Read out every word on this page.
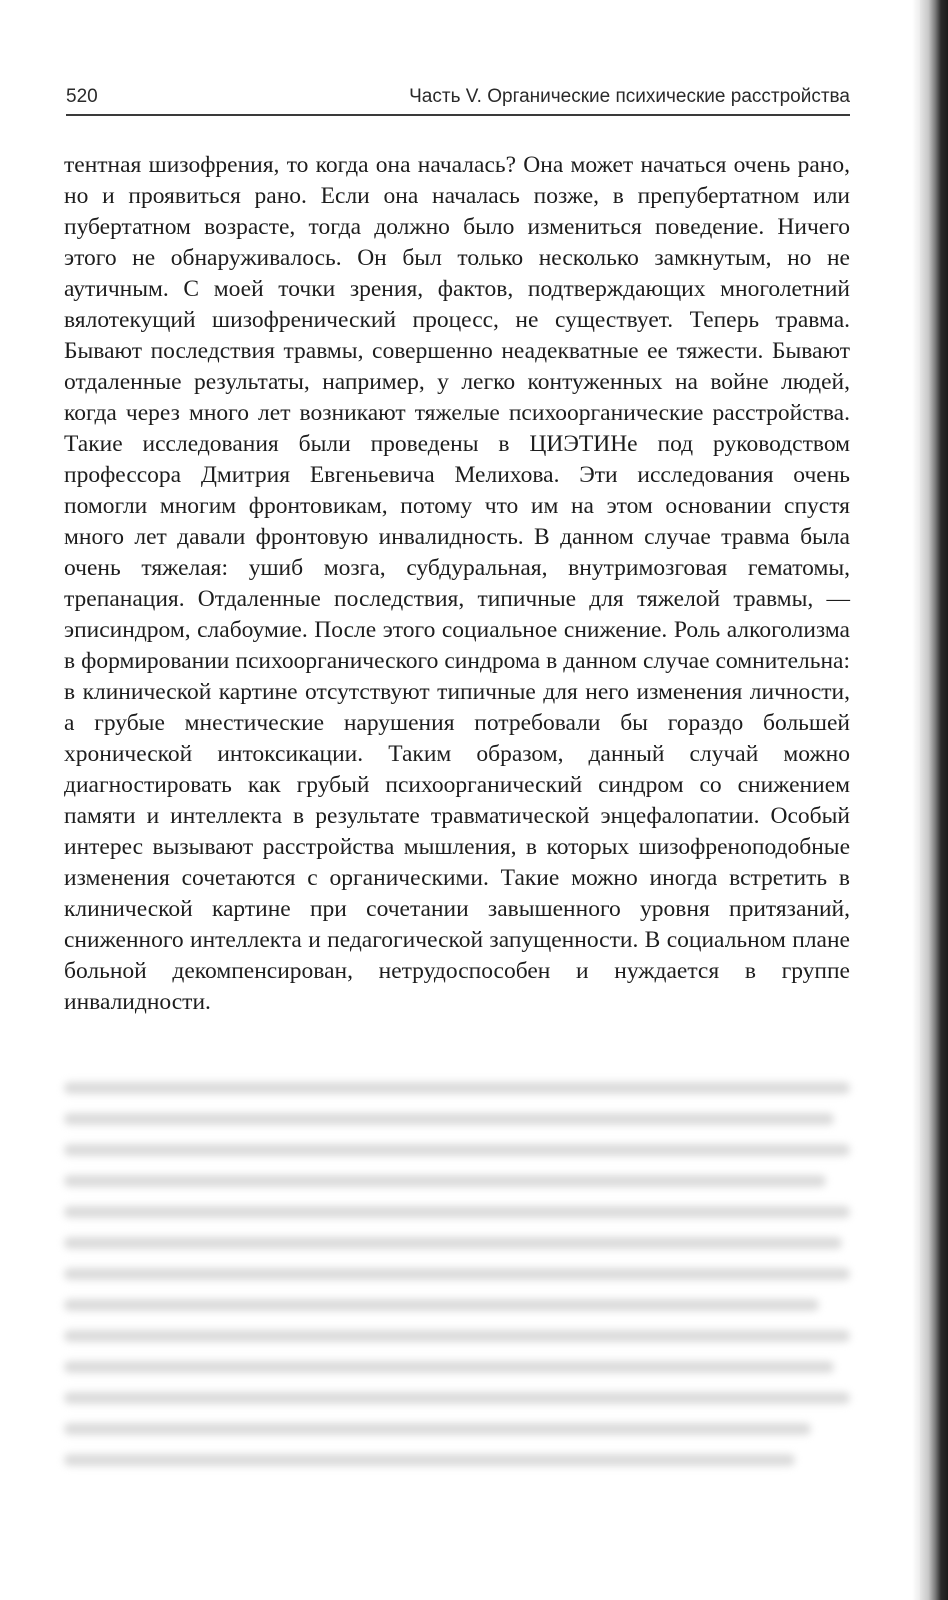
520	Часть V. Органические психические расстройства

тентная шизофрения, то когда она началась? Она может начаться очень рано, но и проявиться рано. Если она началась позже, в препубертатном или пубертатном возрасте, тогда должно было измениться поведение. Ничего этого не обнаруживалось. Он был только несколько замкнутым, но не аутичным. С моей точки зрения, фактов, подтверждающих многолетний вялотекущий шизофренический процесс, не существует. Теперь травма. Бывают последствия травмы, совершенно неадекватные ее тяжести. Бывают отдаленные результаты, например, у легко контуженных на войне людей, когда через много лет возникают тяжелые психоорганические расстройства. Такие исследования были проведены в ЦИЭТИНе под руководством профессора Дмитрия Евгеньевича Мелихова. Эти исследования очень помогли многим фронтовикам, потому что им на этом основании спустя много лет давали фронтовую инвалидность. В данном случае травма была очень тяжелая: ушиб мозга, субдуральная, внутримозговая гематомы, трепанация. Отдаленные последствия, типичные для тяжелой травмы, — эписиндром, слабоумие. После этого социальное снижение. Роль алкоголизма в формировании психоорганического синдрома в данном случае сомнительна: в клинической картине отсутствуют типичные для него изменения личности, а грубые мнестические нарушения потребовали бы гораздо большей хронической интоксикации. Таким образом, данный случай можно диагностировать как грубый психоорганический синдром со снижением памяти и интеллекта в результате травматической энцефалопатии. Особый интерес вызывают расстройства мышления, в которых шизофреноподобные изменения сочетаются с органическими. Такие можно иногда встретить в клинической картине при сочетании завышенного уровня притязаний, сниженного интеллекта и педагогической запущенности. В социальном плане больной декомпенсирован, нетрудоспособен и нуждается в группе инвалидности.
